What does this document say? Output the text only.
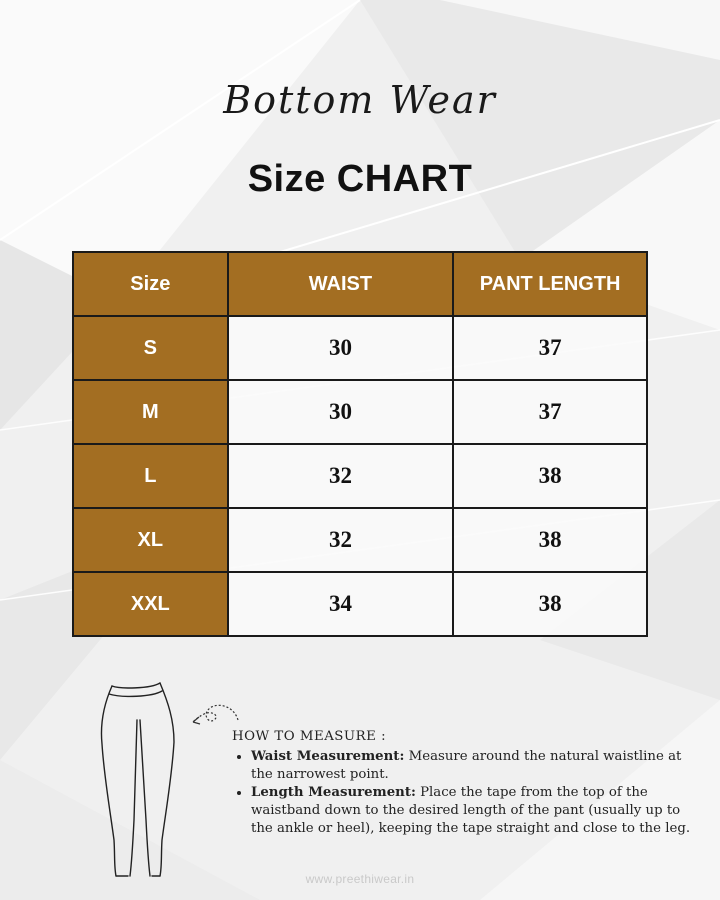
Bottom Wear
Size CHART
Size	WAIST	PANT LENGTH
S	30	37
M	30	37
L	32	38
XL	32	38
XXL	34	38
HOW TO MEASURE :
• Waist Measurement: Measure around the natural waistline at the narrowest point.
• Length Measurement: Place the tape from the top of the waistband down to the desired length of the pant (usually up to the ankle or heel), keeping the tape straight and close to the leg.
www.preethiwear.in
